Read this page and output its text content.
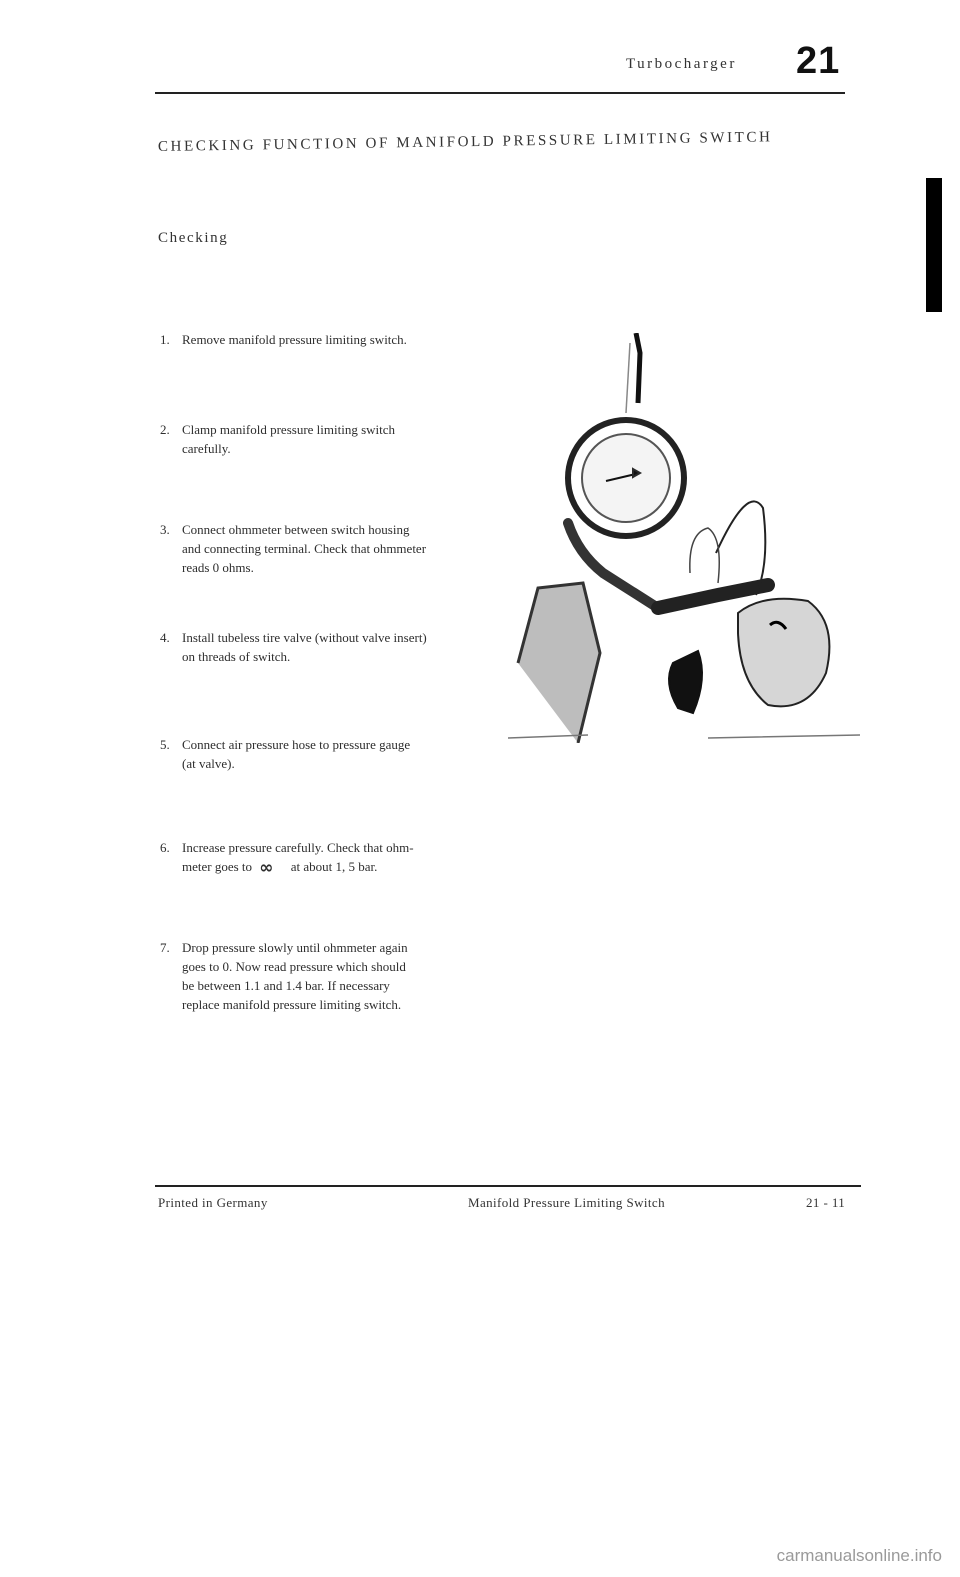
Turbocharger 21
CHECKING FUNCTION OF MANIFOLD PRESSURE LIMITING SWITCH
Checking
1. Remove manifold pressure limiting switch.
2. Clamp manifold pressure limiting switch
carefully.
3. Connect ohmmeter between switch housing
and connecting terminal. Check that ohmmeter
reads 0 ohms.
4. Install tubeless tire valve (without valve insert)
on threads of switch.
5. Connect air pressure hose to pressure gauge
(at valve).
6. Increase pressure carefully. Check that ohm-
meter goes to ∞ at about 1, 5 bar.
7. Drop pressure slowly until ohmmeter again
goes to 0. Now read pressure which should
be between 1.1 and 1.4 bar. If necessary
replace manifold pressure limiting switch.
Printed in Germany	Manifold Pressure Limiting Switch	21 - 11
carmanualsonline.info
